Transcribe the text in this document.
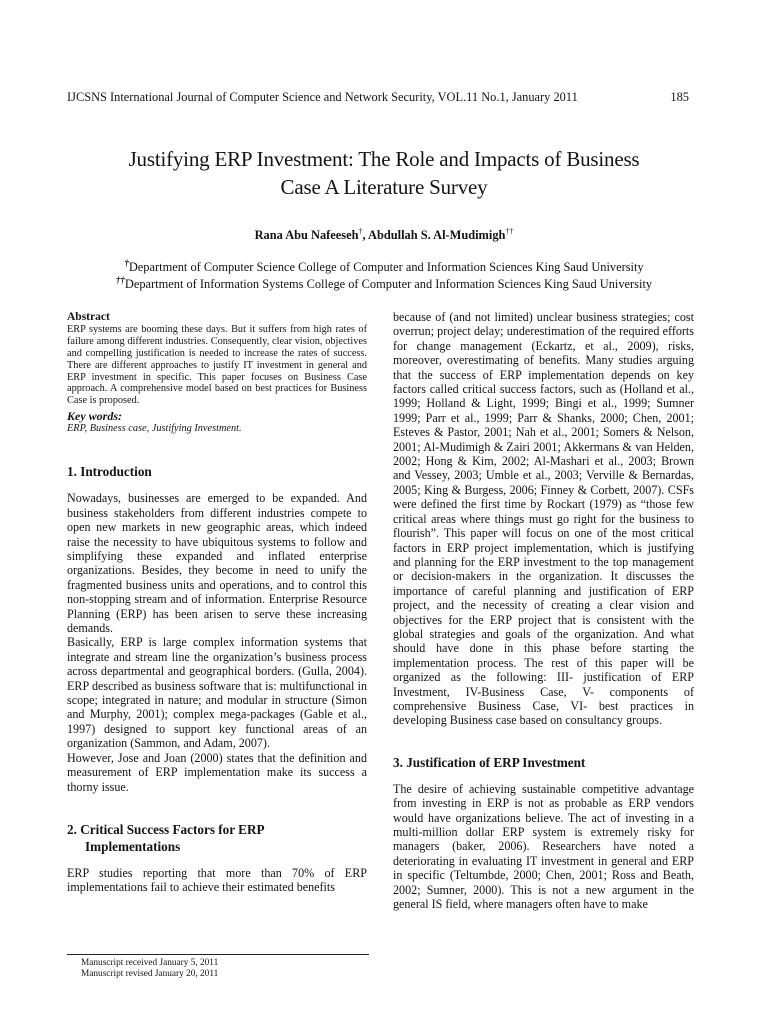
IJCSNS International Journal of Computer Science and Network Security, VOL.11 No.1, January 2011	185
Justifying ERP Investment: The Role and Impacts of Business
Case A Literature Survey
Rana Abu Nafeeseh†, Abdullah S. Al-Mudimigh††
†Department of Computer Science College of Computer and Information Sciences King Saud University
††Department of Information Systems College of Computer and Information Sciences King Saud University

Abstract

ERP systems are booming these days. But it suffers from high rates of failure among different industries. Consequently, clear vision, objectives and compelling justification is needed to increase the rates of success. There are different approaches to justify IT investment in general and ERP investment in specific. This paper focuses on Business Case approach. A comprehensive model based on best practices for Business Case is proposed.

Key words:

ERP, Business case, Justifying Investment.

1. Introduction

Nowadays, businesses are emerged to be expanded. And business stakeholders from different industries compete to open new markets in new geographic areas, which indeed raise the necessity to have ubiquitous systems to follow and simplifying these expanded and inflated enterprise organizations. Besides, they become in need to unify the fragmented business units and operations, and to control this non-stopping stream and of information. Enterprise Resource Planning (ERP) has been arisen to serve these increasing demands.

Basically, ERP is large complex information systems that integrate and stream line the organization’s business process across departmental and geographical borders. (Gulla, 2004). ERP described as business software that is: multifunctional in scope; integrated in nature; and modular in structure (Simon and Murphy, 2001); complex mega-packages (Gable et al., 1997) designed to support key functional areas of an organization (Sammon, and Adam, 2007).

However, Jose and Joan (2000) states that the definition and measurement of ERP implementation make its success a thorny issue.

2. Critical Success Factors for ERP
Implementations

ERP studies reporting that more than 70% of ERP implementations fail to achieve their estimated benefits

because of (and not limited) unclear business strategies; cost overrun; project delay; underestimation of the required efforts for change management (Eckartz, et al., 2009), risks, moreover, overestimating of benefits. Many studies arguing that the success of ERP implementation depends on key factors called critical success factors, such as (Holland et al., 1999; Holland & Light, 1999; Bingi et al., 1999; Sumner 1999; Parr et al., 1999; Parr & Shanks, 2000; Chen, 2001; Esteves & Pastor, 2001; Nah et al., 2001; Somers & Nelson, 2001; Al-Mudimigh & Zairi 2001; Akkermans & van Helden, 2002; Hong & Kim, 2002; Al-Mashari et al., 2003; Brown and Vessey, 2003; Umble et al., 2003; Verville & Bernardas, 2005; King & Burgess, 2006; Finney & Corbett, 2007). CSFs were defined the first time by Rockart (1979) as “those few critical areas where things must go right for the business to flourish”. This paper will focus on one of the most critical factors in ERP project implementation, which is justifying and planning for the ERP investment to the top management or decision-makers in the organization. It discusses the importance of careful planning and justification of ERP project, and the necessity of creating a clear vision and objectives for the ERP project that is consistent with the global strategies and goals of the organization. And what should have done in this phase before starting the implementation process. The rest of this paper will be organized as the following: III- justification of ERP Investment, IV-Business Case, V- components of comprehensive Business Case, VI- best practices in developing Business case based on consultancy groups.

3. Justification of ERP Investment

The desire of achieving sustainable competitive advantage from investing in ERP is not as probable as ERP vendors would have organizations believe. The act of investing in a multi-million dollar ERP system is extremely risky for managers (baker, 2006). Researchers have noted a deteriorating in evaluating IT investment in general and ERP in specific (Teltumbde, 2000; Chen, 2001; Ross and Beath, 2002; Sumner, 2000). This is not a new argument in the general IS field, where managers often have to make

Manuscript received January 5, 2011
Manuscript revised January 20, 2011
